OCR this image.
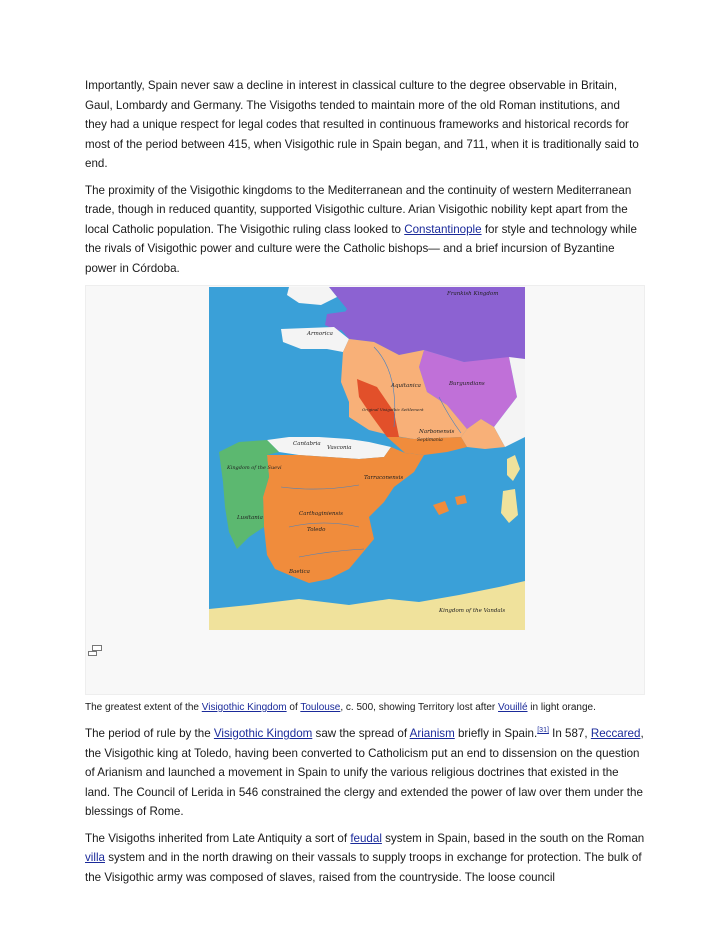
Importantly, Spain never saw a decline in interest in classical culture to the degree observable in Britain, Gaul, Lombardy and Germany. The Visigoths tended to maintain more of the old Roman institutions, and they had a unique respect for legal codes that resulted in continuous frameworks and historical records for most of the period between 415, when Visigothic rule in Spain began, and 711, when it is traditionally said to end.

The proximity of the Visigothic kingdoms to the Mediterranean and the continuity of western Mediterranean trade, though in reduced quantity, supported Visigothic culture. Arian Visigothic nobility kept apart from the local Catholic population. The Visigothic ruling class looked to Constantinople for style and technology while the rivals of Visigothic power and culture were the Catholic bishops— and a brief incursion of Byzantine power in Córdoba.

Frankish Kingdom
Armorica
Burgundians
Aquitanica
Original Visigothic Settlement
Narbonensis
Septimania
Cantabria
Vasconia
Kingdom of the Suevi
Tarraconensis
Lusitania
Carthaginiensis
Toledo
Baetica
Kingdom of the Vandals
The greatest extent of the Visigothic Kingdom of Toulouse, c. 500, showing Territory lost after Vouillé in light orange.

The period of rule by the Visigothic Kingdom saw the spread of Arianism briefly in Spain.[31] In 587, Reccared, the Visigothic king at Toledo, having been converted to Catholicism put an end to dissension on the question of Arianism and launched a movement in Spain to unify the various religious doctrines that existed in the land. The Council of Lerida in 546 constrained the clergy and extended the power of law over them under the blessings of Rome.

The Visigoths inherited from Late Antiquity a sort of feudal system in Spain, based in the south on the Roman villa system and in the north drawing on their vassals to supply troops in exchange for protection. The bulk of the Visigothic army was composed of slaves, raised from the countryside. The loose council
